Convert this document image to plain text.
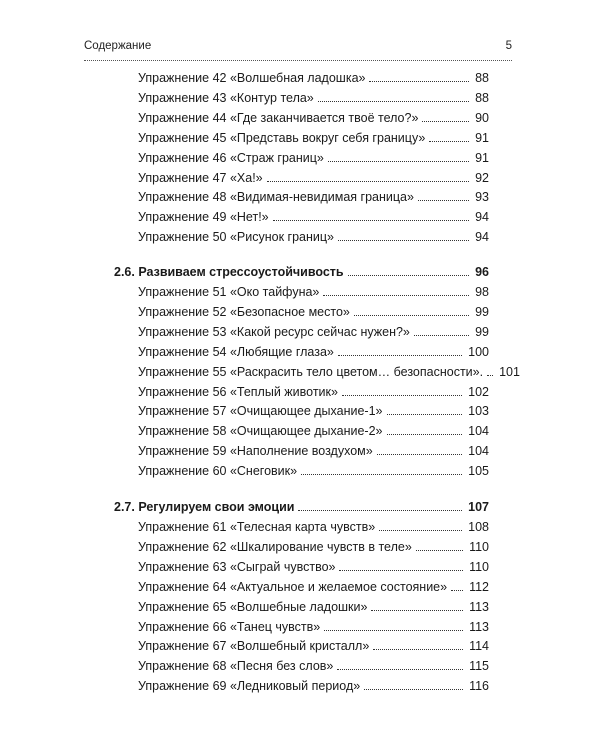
Содержание	5
Упражнение 42 «Волшебная ладошка»	88
Упражнение 43 «Контур тела»	88
Упражнение 44 «Где заканчивается твоё тело?»	90
Упражнение 45 «Представь вокруг себя границу»	91
Упражнение 46 «Страж границ»	91
Упражнение 47 «Ха!»	92
Упражнение 48 «Видимая-невидимая граница»	93
Упражнение 49 «Нет!»	94
Упражнение 50 «Рисунок границ»	94
2.6. Развиваем стрессоустойчивость	96
Упражнение 51 «Око тайфуна»	98
Упражнение 52 «Безопасное место»	99
Упражнение 53 «Какой ресурс сейчас нужен?»	99
Упражнение 54 «Любящие глаза»	100
Упражнение 55 «Раскрасить тело цветом… безопасности». 101
Упражнение 56 «Теплый животик»	102
Упражнение 57 «Очищающее дыхание-1»	103
Упражнение 58 «Очищающее дыхание-2»	104
Упражнение 59 «Наполнение воздухом»	104
Упражнение 60 «Снеговик»	105
2.7. Регулируем свои эмоции	107
Упражнение 61 «Телесная карта чувств»	108
Упражнение 62 «Шкалирование чувств в теле»	110
Упражнение 63 «Сыграй чувство»	110
Упражнение 64 «Актуальное и желаемое состояние» 112
Упражнение 65 «Волшебные ладошки»	113
Упражнение 66 «Танец чувств»	113
Упражнение 67 «Волшебный кристалл»	114
Упражнение 68 «Песня без слов»	115
Упражнение 69 «Ледниковый период»	116
